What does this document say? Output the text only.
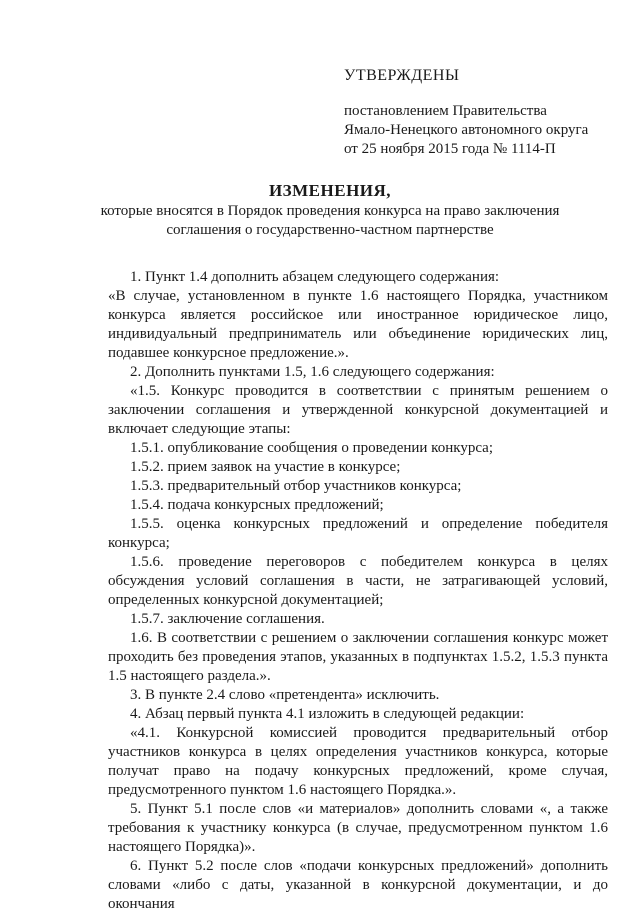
УТВЕРЖДЕНЫ
постановлением Правительства
Ямало-Ненецкого автономного округа
от 25 ноября 2015 года № 1114-П
ИЗМЕНЕНИЯ,
которые вносятся в Порядок проведения конкурса на право заключения
соглашения о государственно-частном партнерстве

1. Пункт 1.4 дополнить абзацем следующего содержания:

«В случае, установленном в пункте 1.6 настоящего Порядка, участником конкурса является российское или иностранное юридическое лицо, индивидуальный предприниматель или объединение юридических лиц, подавшее конкурсное предложение.».

2. Дополнить пунктами 1.5, 1.6 следующего содержания:

«1.5. Конкурс проводится в соответствии с принятым решением о заключении соглашения и утвержденной конкурсной документацией и включает следующие этапы:

1.5.1. опубликование сообщения о проведении конкурса;

1.5.2. прием заявок на участие в конкурсе;

1.5.3. предварительный отбор участников конкурса;

1.5.4. подача конкурсных предложений;

1.5.5. оценка конкурсных предложений и определение победителя конкурса;

1.5.6. проведение переговоров с победителем конкурса в целях обсуждения условий соглашения в части, не затрагивающей условий, определенных конкурсной документацией;

1.5.7. заключение соглашения.

1.6. В соответствии с решением о заключении соглашения конкурс может проходить без проведения этапов, указанных в подпунктах 1.5.2, 1.5.3 пункта 1.5 настоящего раздела.».

3. В пункте 2.4 слово «претендента» исключить.

4. Абзац первый пункта 4.1 изложить в следующей редакции:

«4.1. Конкурсной комиссией проводится предварительный отбор участников конкурса в целях определения участников конкурса, которые получат право на подачу конкурсных предложений, кроме случая, предусмотренного пунктом 1.6 настоящего Порядка.».

5. Пункт 5.1 после слов «и материалов» дополнить словами «, а также требования к участнику конкурса (в случае, предусмотренном пунктом 1.6 настоящего Порядка)».

6. Пункт 5.2 после слов «подачи конкурсных предложений» дополнить словами «либо с даты, указанной в конкурсной документации, и до окончания
